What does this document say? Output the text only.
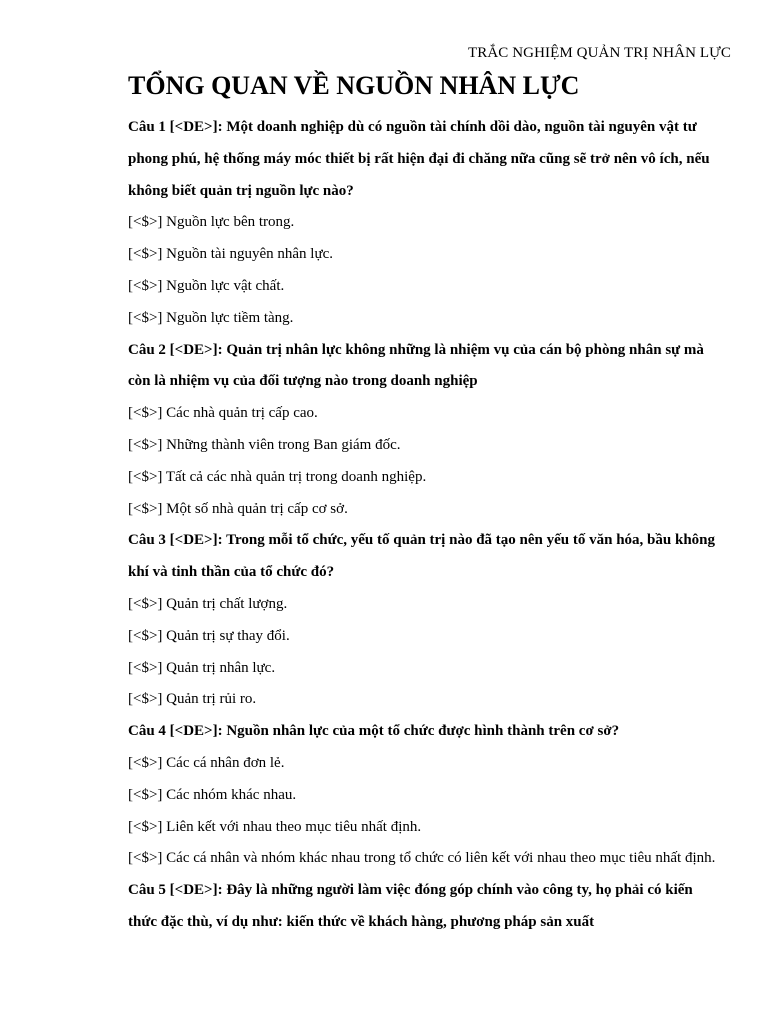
TRẮC NGHIỆM QUẢN TRỊ NHÂN LỰC
TỔNG QUAN VỀ NGUỒN NHÂN LỰC

Câu 1 [<DE>]: Một doanh nghiệp dù có nguồn tài chính dồi dào, nguồn tài nguyên vật tư phong phú, hệ thống máy móc thiết bị rất hiện đại đi chăng nữa cũng sẽ trở nên vô ích, nếu không biết quản trị nguồn lực nào?

[<$>] Nguồn lực bên trong.

[<$>] Nguồn tài nguyên nhân lực.

[<$>] Nguồn lực vật chất.

[<$>] Nguồn lực tiềm tàng.

Câu 2 [<DE>]: Quản trị nhân lực không những là nhiệm vụ của cán bộ phòng nhân sự mà còn là nhiệm vụ của đối tượng nào trong doanh nghiệp

[<$>] Các nhà quản trị cấp cao.

[<$>] Những thành viên trong Ban giám đốc.

[<$>] Tất cả các nhà quản trị trong doanh nghiệp.

[<$>] Một số nhà quản trị cấp cơ sở.

Câu 3 [<DE>]: Trong mỗi tổ chức, yếu tố quản trị nào đã tạo nên yếu tố văn hóa, bầu không khí và tinh thần của tổ chức đó?

[<$>] Quản trị chất lượng.

[<$>] Quản trị sự thay đổi.

[<$>] Quản trị nhân lực.

[<$>] Quản trị rủi ro.

Câu 4 [<DE>]: Nguồn nhân lực của một tổ chức được hình thành trên cơ sở?

[<$>] Các cá nhân đơn lẻ.

[<$>] Các nhóm khác nhau.

[<$>] Liên kết với nhau theo mục tiêu nhất định.

[<$>] Các cá nhân và nhóm khác nhau trong tổ chức có liên kết với nhau theo mục tiêu nhất định.

Câu 5 [<DE>]: Đây là những người làm việc đóng góp chính vào công ty, họ phải có kiến thức đặc thù, ví dụ như: kiến thức về khách hàng, phương pháp sản xuất
